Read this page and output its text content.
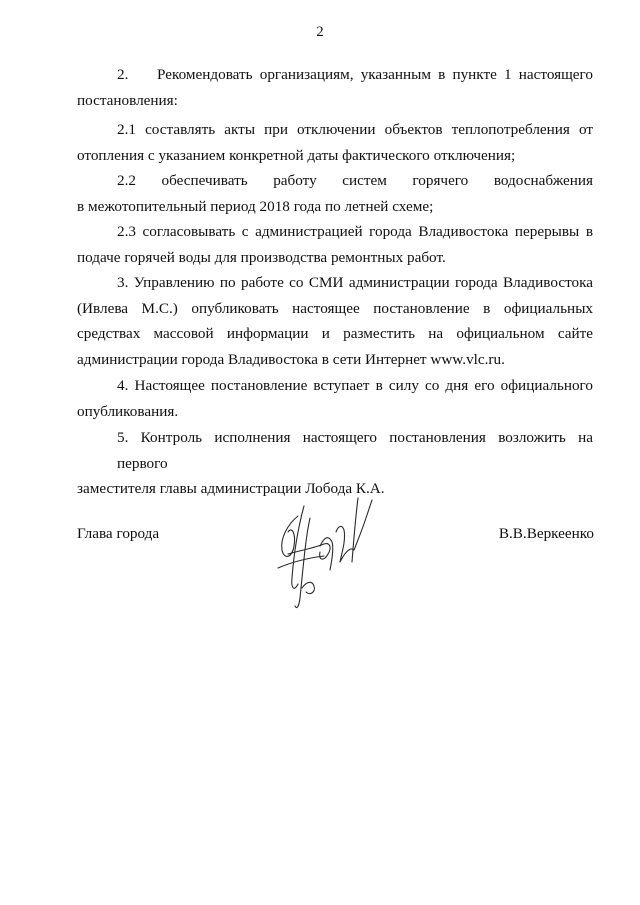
2
2. Рекомендовать организациям, указанным в пункте 1 настоящего
постановления:
2.1 составлять акты при отключении объектов теплопотребления от
отопления с указанием конкретной даты фактического отключения;
2.2 обеспечивать работу систем горячего водоснабжения
в межотопительный период 2018 года по летней схеме;
2.3 согласовывать с администрацией города Владивостока перерывы в
подаче горячей воды для производства ремонтных работ.
3. Управлению по работе со СМИ администрации города Владивостока
(Ивлева М.С.) опубликовать настоящее постановление в официальных
средствах массовой информации и разместить на официальном сайте
администрации города Владивостока в сети Интернет www.vlc.ru.
4. Настоящее постановление вступает в силу со дня его официального
опубликования.
5. Контроль исполнения настоящего постановления возложить на первого
заместителя главы администрации Лобода К.А.
Глава города	В.В.Веркеенко
